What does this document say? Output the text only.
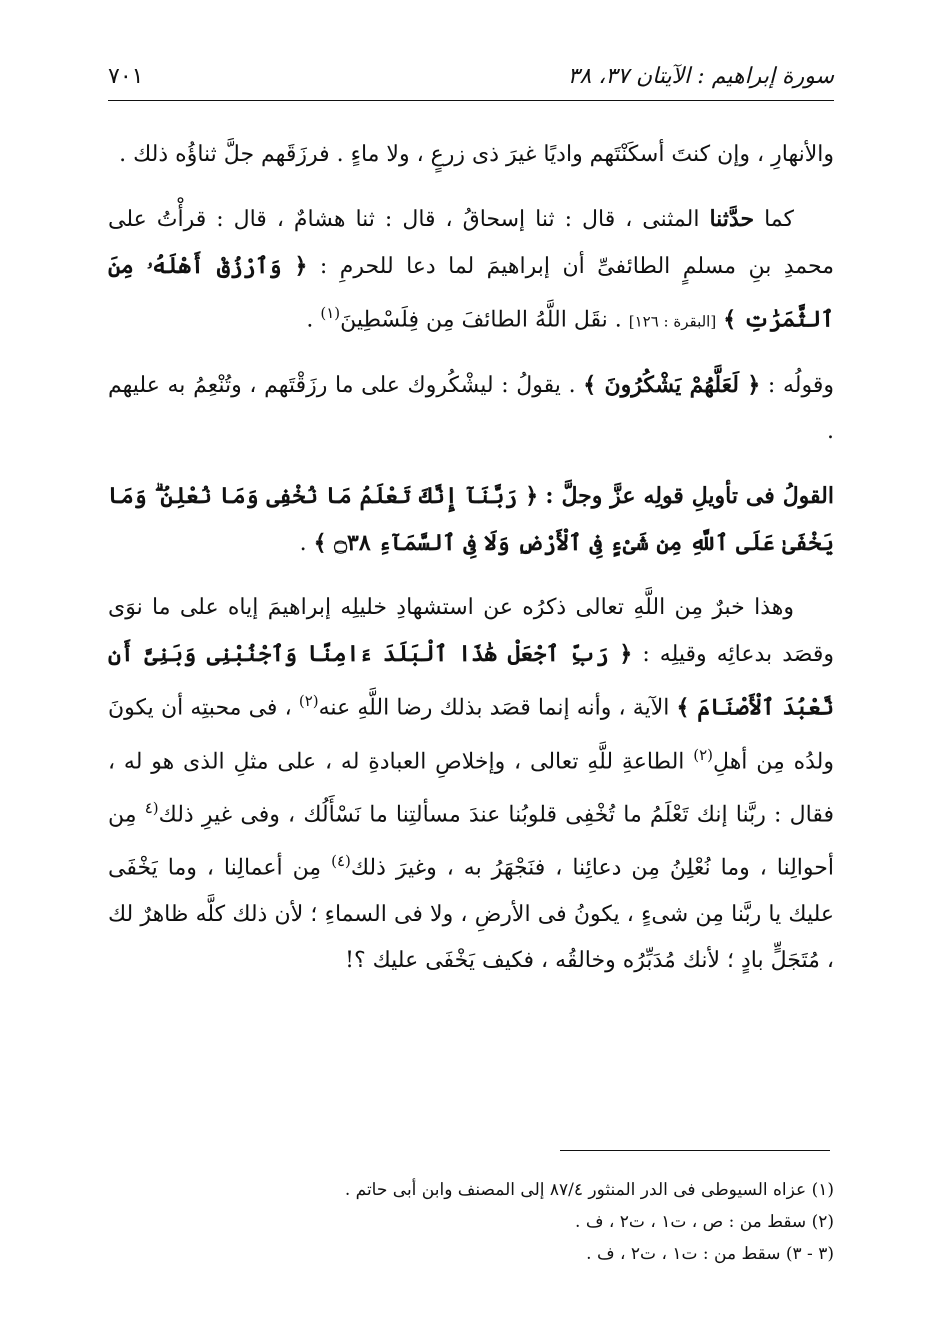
سورة إبراهيم : الآيتان ٣٧، ٣٨
٧٠١

والأنهارِ ، وإن كنتَ أسكَنْتَهم واديًا غيرَ ذى زرعٍ ، ولا ماءٍ . فرزَقَهم جلَّ ثناؤُه ذلك .

كما حدَّثنا المثنى ، قال : ثنا إسحاقُ ، قال : ثنا هشامٌ ، قال : قرأْتُ على محمدِ بنِ مسلمٍ الطائفىِّ أن إبراهيمَ لما دعا للحرمِ : ﴿ وَٱرْزُقْ أَهْلَهُۥ مِنَ ٱلثَّمَرَٰتِ ﴾ [البقرة : ١٢٦] . نقَل اللَّهُ الطائفَ مِن فِلَسْطِينَ$^{(١)}$ .

وقولُه : ﴿ لَعَلَّهُمْ يَشْكُرُونَ ﴾ . يقولُ : ليشْكُروك على ما رزَقْتَهم ، وتُنْعِمُ به عليهم .

القولُ فى تأويلِ قولِه عزَّ وجلَّ : ﴿ رَبَّنَآ إِنَّكَ تَعْلَمُ مَا نُخْفِى وَمَا نُعْلِنُ ۗ وَمَا يَخْفَىٰ عَلَى ٱللَّهِ مِن شَىْءٍ فِى ٱلْأَرْضِ وَلَا فِى ٱلسَّمَآءِ ۝٣٨ ﴾ .

وهذا خبرٌ مِن اللَّهِ تعالى ذكرُه عن استشهادِ خليلِه إبراهيمَ إياه على ما نوَى وقصَد بدعائِه وقيلِه : ﴿ رَبِّ ٱجْعَلْ هَٰذَا ٱلْبَلَدَ ءَامِنًا وَٱجْنُبْنِى وَبَنِىَّ أَن نَّعْبُدَ ٱلْأَصْنَامَ ﴾ الآية ، وأنه إنما قصَد بذلك رضا اللَّهِ عنه$^{(٢)}$ ، فى محبتِه أن يكونَ ولدُه مِن أهلِ$^{(٢)}$ الطاعةِ للَّهِ تعالى ، وإخلاصِ العبادةِ له ، على مثلِ الذى هو له ، فقال : ربَّنا إنك تَعْلَمُ ما تُخْفِى قلوبُنا عندَ مسألتِنا ما نَسْأَلُك ، وفى غيرِ ذلك$^{(٤}$ مِن أحوالِنا ، وما نُعْلِنُ مِن دعائِنا ، فنَجْهَرُ به ، وغيرَ ذلك$^{(٤)}$ مِن أعمالِنا ، وما يَخْفَى عليك يا ربَّنا مِن شىءٍ ، يكونُ فى الأرضِ ، ولا فى السماءِ ؛ لأن ذلك كلَّه ظاهرٌ لك ، مُتَجَلٍّ بادٍ ؛ لأنك مُدَبِّرُه وخالقُه ، فكيف يَخْفَى عليك ؟!

(١) عزاه السيوطى فى الدر المنثور ٨٧/٤ إلى المصنف وابن أبى حاتم .
(٢) سقط من : ص ، ت١ ، ت٢ ، ف .
(٣ - ٣) سقط من : ت١ ، ت٢ ، ف .
